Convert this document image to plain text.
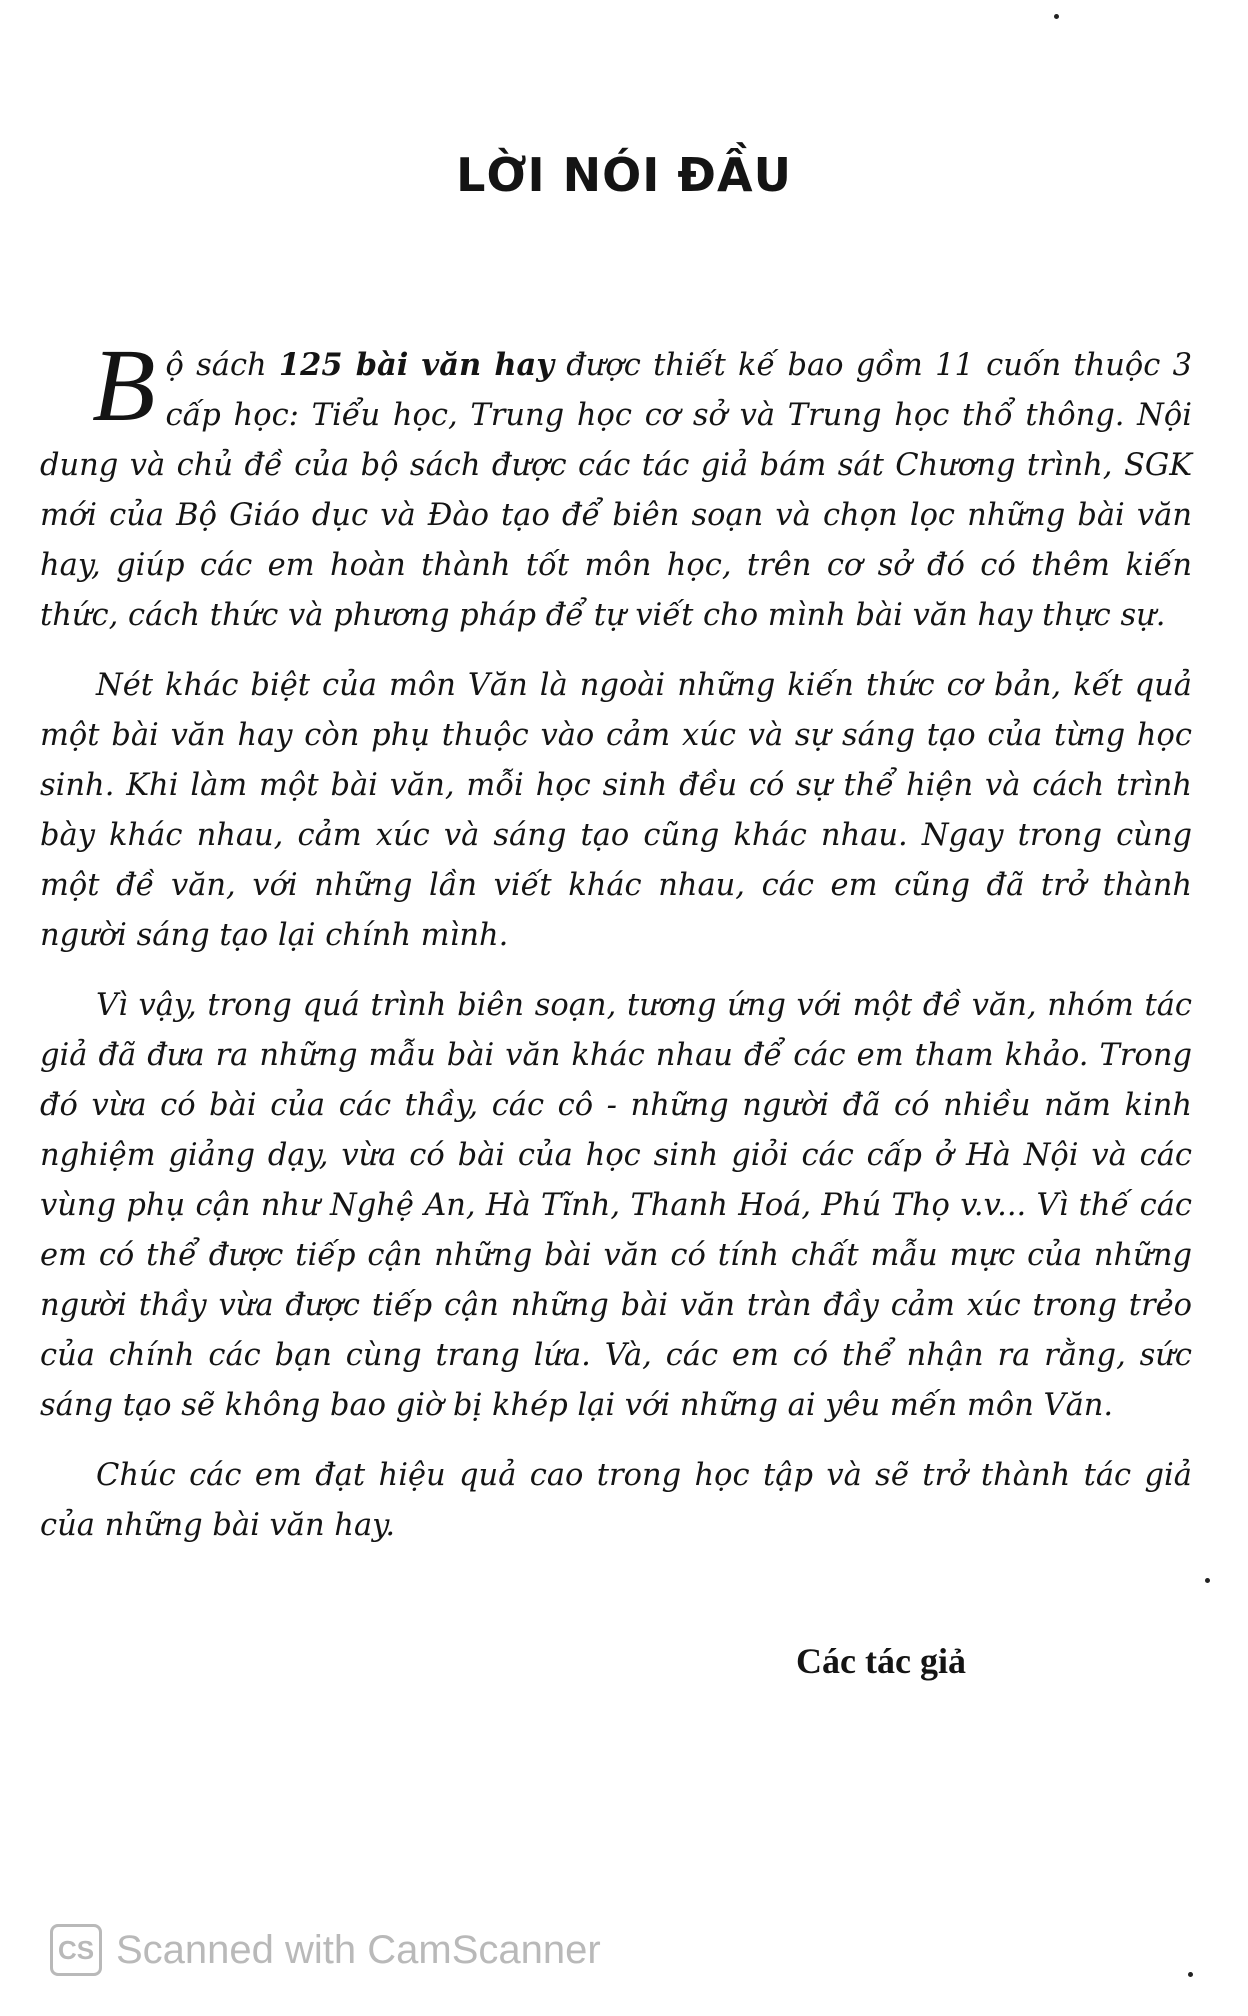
LỜI NÓI ĐẦU

Bộ sách 125 bài văn hay được thiết kế bao gồm 11 cuốn thuộc 3 cấp học: Tiểu học, Trung học cơ sở và Trung học thổ thông. Nội dung và chủ đề của bộ sách được các tác giả bám sát Chương trình, SGK mới của Bộ Giáo dục và Đào tạo để biên soạn và chọn lọc những bài văn hay, giúp các em hoàn thành tốt môn học, trên cơ sở đó có thêm kiến thức, cách thức và phương pháp để tự viết cho mình bài văn hay thực sự.

Nét khác biệt của môn Văn là ngoài những kiến thức cơ bản, kết quả một bài văn hay còn phụ thuộc vào cảm xúc và sự sáng tạo của từng học sinh. Khi làm một bài văn, mỗi học sinh đều có sự thể hiện và cách trình bày khác nhau, cảm xúc và sáng tạo cũng khác nhau. Ngay trong cùng một đề văn, với những lần viết khác nhau, các em cũng đã trở thành người sáng tạo lại chính mình.

Vì vậy, trong quá trình biên soạn, tương ứng với một đề văn, nhóm tác giả đã đưa ra những mẫu bài văn khác nhau để các em tham khảo. Trong đó vừa có bài của các thầy, các cô - những người đã có nhiều năm kinh nghiệm giảng dạy, vừa có bài của học sinh giỏi các cấp ở Hà Nội và các vùng phụ cận như Nghệ An, Hà Tĩnh, Thanh Hoá, Phú Thọ v.v... Vì thế các em có thể được tiếp cận những bài văn có tính chất mẫu mực của những người thầy vừa được tiếp cận những bài văn tràn đầy cảm xúc trong trẻo của chính các bạn cùng trang lứa. Và, các em có thể nhận ra rằng, sức sáng tạo sẽ không bao giờ bị khép lại với những ai yêu mến môn Văn.

Chúc các em đạt hiệu quả cao trong học tập và sẽ trở thành tác giả của những bài văn hay.

Các tác giả

CS Scanned with CamScanner
